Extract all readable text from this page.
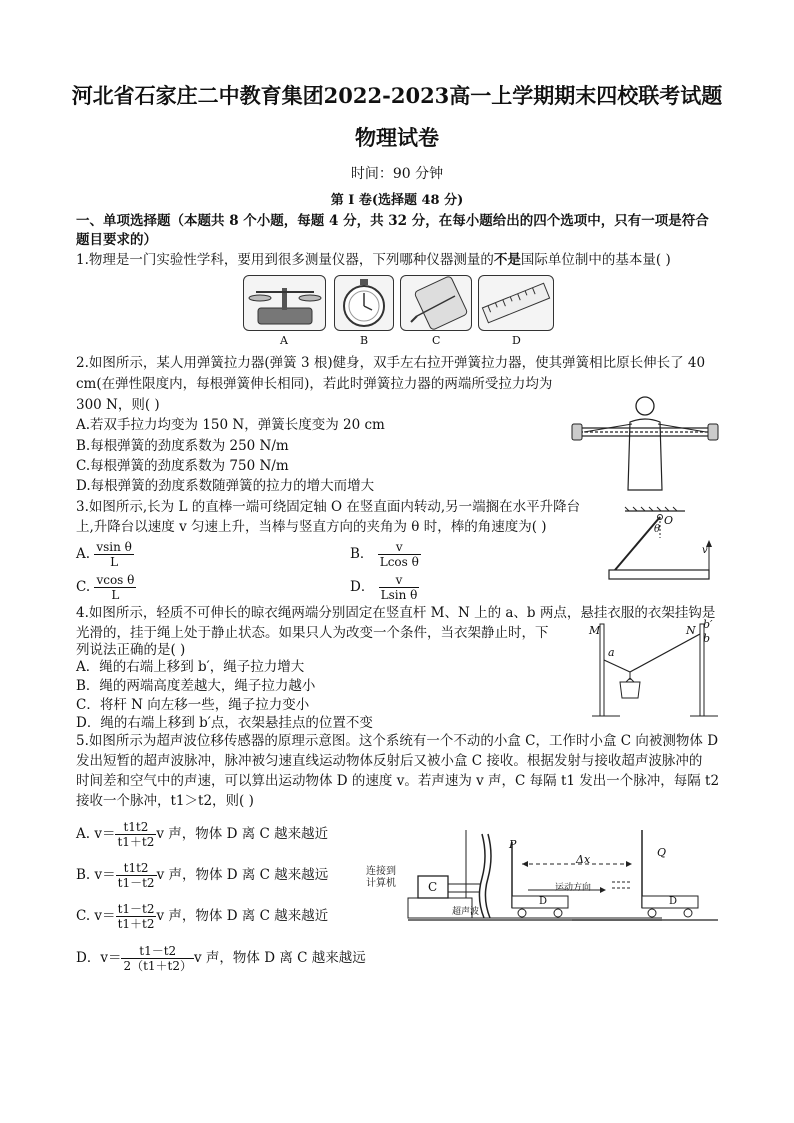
河北省石家庄二中教育集团2022-2023高一上学期期末四校联考试题
物理试卷
时间：90 分钟
第 I 卷(选择题 48 分)
一、单项选择题（本题共 8 个小题，每题 4 分，共 32 分，在每小题给出的四个选项中，只有一项是符合
题目要求的）
1.物理是一门实验性学科，要用到很多测量仪器，下列哪种仪器测量的不是国际单位制中的基本量( )
A	B	C	D
2.如图所示，某人用弹簧拉力器(弹簧 3 根)健身，双手左右拉开弹簧拉力器，使其弹簧相比原长伸长了 40
cm(在弹性限度内，每根弹簧伸长相同)，若此时弹簧拉力器的两端所受拉力均为
300 N，则( )
A.若双手拉力均变为 150 N，弹簧长度变为 20 cm
B.每根弹簧的劲度系数为 250 N/m
C.每根弹簧的劲度系数为 750 N/m
D.每根弹簧的劲度系数随弹簧的拉力的增大而增大
3.如图所示,长为 L 的直棒一端可绕固定轴 O 在竖直面内转动,另一端搁在水平升降台
上,升降台以速度 v 匀速上升，当棒与竖直方向的夹角为 θ 时，棒的角速度为( )
A. $\frac{\text{vsin θ}}{L}$	B． $\frac{v}{\text{Lcos θ}}$
C. $\frac{\text{vcos θ}}{L}$	D． $\frac{v}{\text{Lsin θ}}$
O
θ
v
4.如图所示，轻质不可伸长的晾衣绳两端分别固定在竖直杆 M、N 上的 a、b 两点，悬挂衣服的衣架挂钩是
光滑的，挂于绳上处于静止状态。如果只人为改变一个条件，当衣架静止时，下
列说法正确的是( )
A．绳的右端上移到 b′，绳子拉力增大
B．绳的两端高度差越大，绳子拉力越小
C．将杆 N 向左移一些，绳子拉力变小
D．绳的右端上移到 b′点，衣架悬挂点的位置不变
M	N
a
b
b′
5.如图所示为超声波位移传感器的原理示意图。这个系统有一个不动的小盒 C，工作时小盒 C 向被测物体 D
发出短暂的超声波脉冲，脉冲被匀速直线运动物体反射后又被小盒 C 接收。根据发射与接收超声波脉冲的
时间差和空气中的声速，可以算出运动物体 D 的速度 v。若声速为 v 声，C 每隔 t1 发出一个脉冲，每隔 t2
接收一个脉冲，t1＞t2，则( )
A. $v= \frac{t1t2}{t1+t2}$ v 声，物体 D 离 C 越来越近
B. $v= \frac{t1t2}{t1-t2}$ v 声，物体 D 离 C 越来越远
C. $v= \frac{t1-t2}{t1+t2}$ v 声，物体 D 离 C 越来越近
D．$v= \frac{t1-t2}{2(t1+t2)}$ v 声，物体 D 离 C 越来越远
连接到
计算机	C
超声波
P
Q
Δx
运动方向
D	D
